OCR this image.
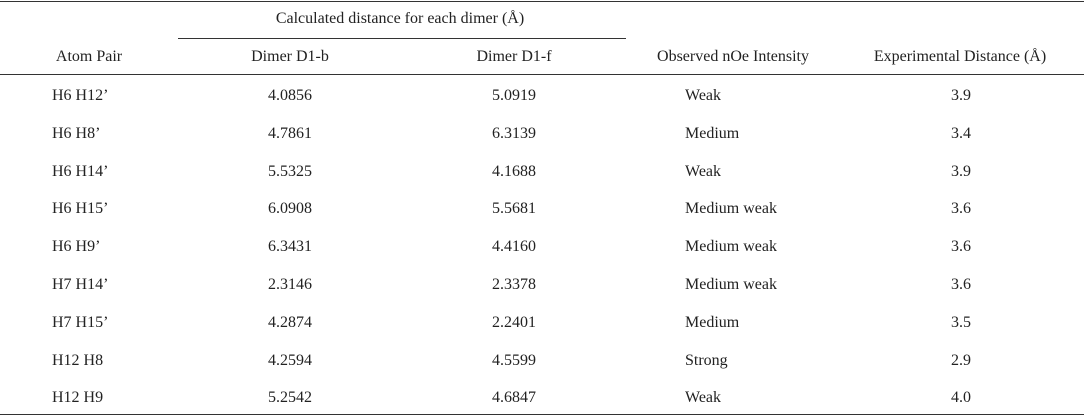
Calculated distance for each dimer (Å)
Atom Pair	Dimer D1-b	Dimer D1-f	Observed nOe Intensity	Experimental Distance (Å)
H6 H12’	4.0856	5.0919	Weak	3.9
H6 H8’	4.7861	6.3139	Medium	3.4
H6 H14’	5.5325	4.1688	Weak	3.9
H6 H15’	6.0908	5.5681	Medium weak	3.6
H6 H9’	6.3431	4.4160	Medium weak	3.6
H7 H14’	2.3146	2.3378	Medium weak	3.6
H7 H15’	4.2874	2.2401	Medium	3.5
H12 H8	4.2594	4.5599	Strong	2.9
H12 H9	5.2542	4.6847	Weak	4.0
